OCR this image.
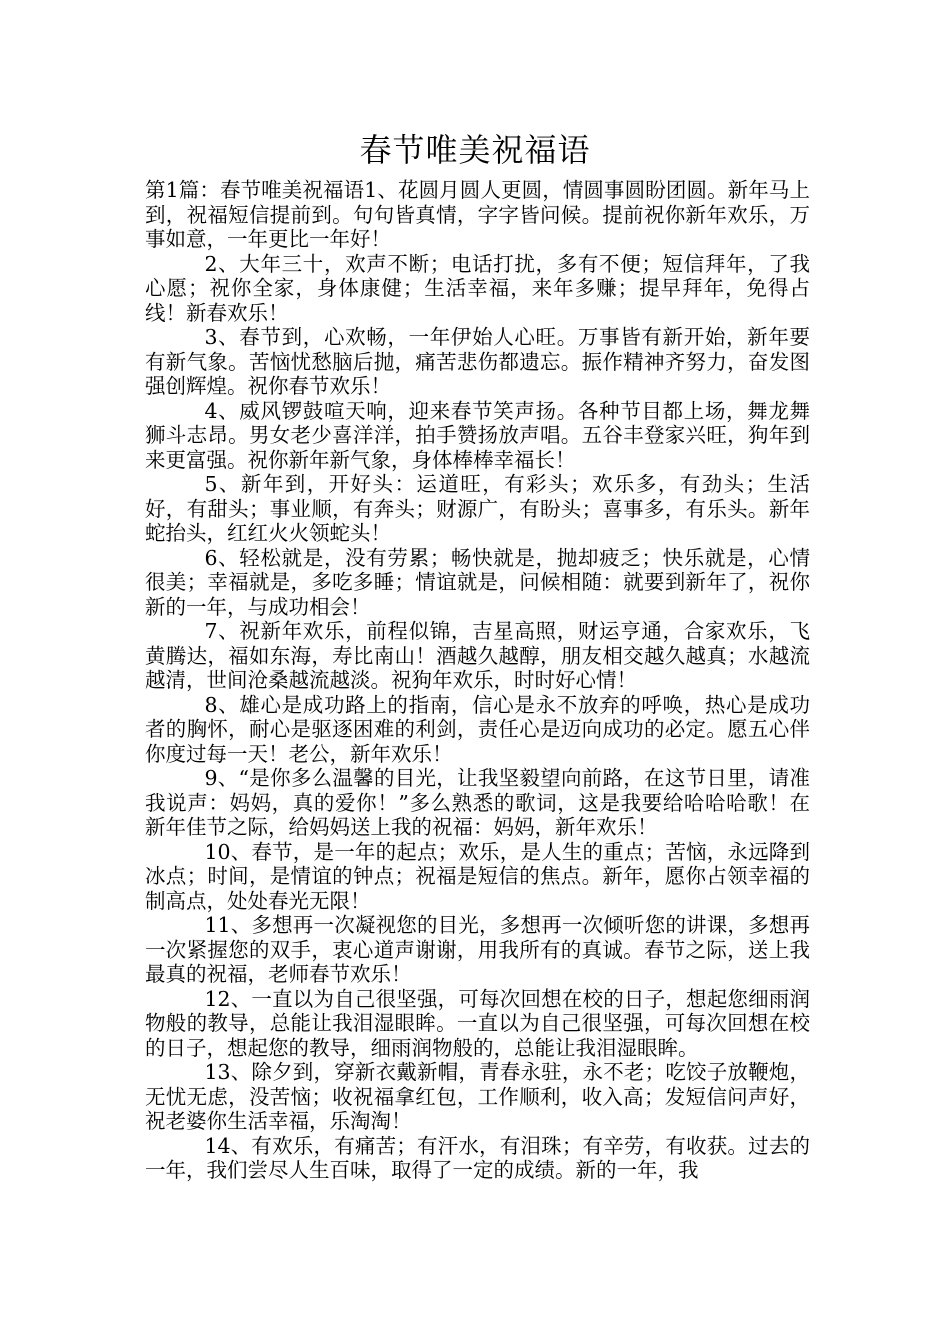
春节唯美祝福语

第1篇：春节唯美祝福语1、花圆月圆人更圆，情圆事圆盼团圆。新年马上到，祝福短信提前到。句句皆真情，字字皆问候。提前祝你新年欢乐，万事如意，一年更比一年好！

2、大年三十，欢声不断；电话打扰，多有不便；短信拜年，了我心愿；祝你全家，身体康健；生活幸福，来年多赚；提早拜年，免得占线！新春欢乐！

3、春节到，心欢畅，一年伊始人心旺。万事皆有新开始，新年要有新气象。苦恼忧愁脑后抛，痛苦悲伤都遗忘。振作精神齐努力，奋发图强创辉煌。祝你春节欢乐！

4、威风锣鼓喧天响，迎来春节笑声扬。各种节目都上场，舞龙舞狮斗志昂。男女老少喜洋洋，拍手赞扬放声唱。五谷丰登家兴旺，狗年到来更富强。祝你新年新气象，身体棒棒幸福长！

5、新年到，开好头：运道旺，有彩头；欢乐多，有劲头；生活好，有甜头；事业顺，有奔头；财源广，有盼头；喜事多，有乐头。新年蛇抬头，红红火火领蛇头！

6、轻松就是，没有劳累；畅快就是，抛却疲乏；快乐就是，心情很美；幸福就是，多吃多睡；情谊就是，问候相随：就要到新年了，祝你新的一年，与成功相会！

7、祝新年欢乐，前程似锦，吉星高照，财运亨通，合家欢乐，飞黄腾达，福如东海，寿比南山！酒越久越醇，朋友相交越久越真；水越流越清，世间沧桑越流越淡。祝狗年欢乐，时时好心情！

8、雄心是成功路上的指南，信心是永不放弃的呼唤，热心是成功者的胸怀，耐心是驱逐困难的利剑，责任心是迈向成功的必定。愿五心伴你度过每一天！老公，新年欢乐！

9、“是你多么温馨的目光，让我坚毅望向前路，在这节日里，请准我说声：妈妈，真的爱你！”多么熟悉的歌词，这是我要给哈哈哈歌！在新年佳节之际，给妈妈送上我的祝福：妈妈，新年欢乐！

10、春节，是一年的起点；欢乐，是人生的重点；苦恼，永远降到冰点；时间，是情谊的钟点；祝福是短信的焦点。新年，愿你占领幸福的制高点，处处春光无限！

11、多想再一次凝视您的目光，多想再一次倾听您的讲课，多想再一次紧握您的双手，衷心道声谢谢，用我所有的真诚。春节之际，送上我最真的祝福，老师春节欢乐！

12、一直以为自己很坚强，可每次回想在校的日子，想起您细雨润物般的教导，总能让我泪湿眼眸。一直以为自己很坚强，可每次回想在校的日子，想起您的教导，细雨润物般的，总能让我泪湿眼眸。

13、除夕到，穿新衣戴新帽，青春永驻，永不老；吃饺子放鞭炮，无忧无虑，没苦恼；收祝福拿红包，工作顺利，收入高；发短信问声好，祝老婆你生活幸福，乐淘淘！

14、有欢乐，有痛苦；有汗水，有泪珠；有辛劳，有收获。过去的一年，我们尝尽人生百味，取得了一定的成绩。新的一年，我
